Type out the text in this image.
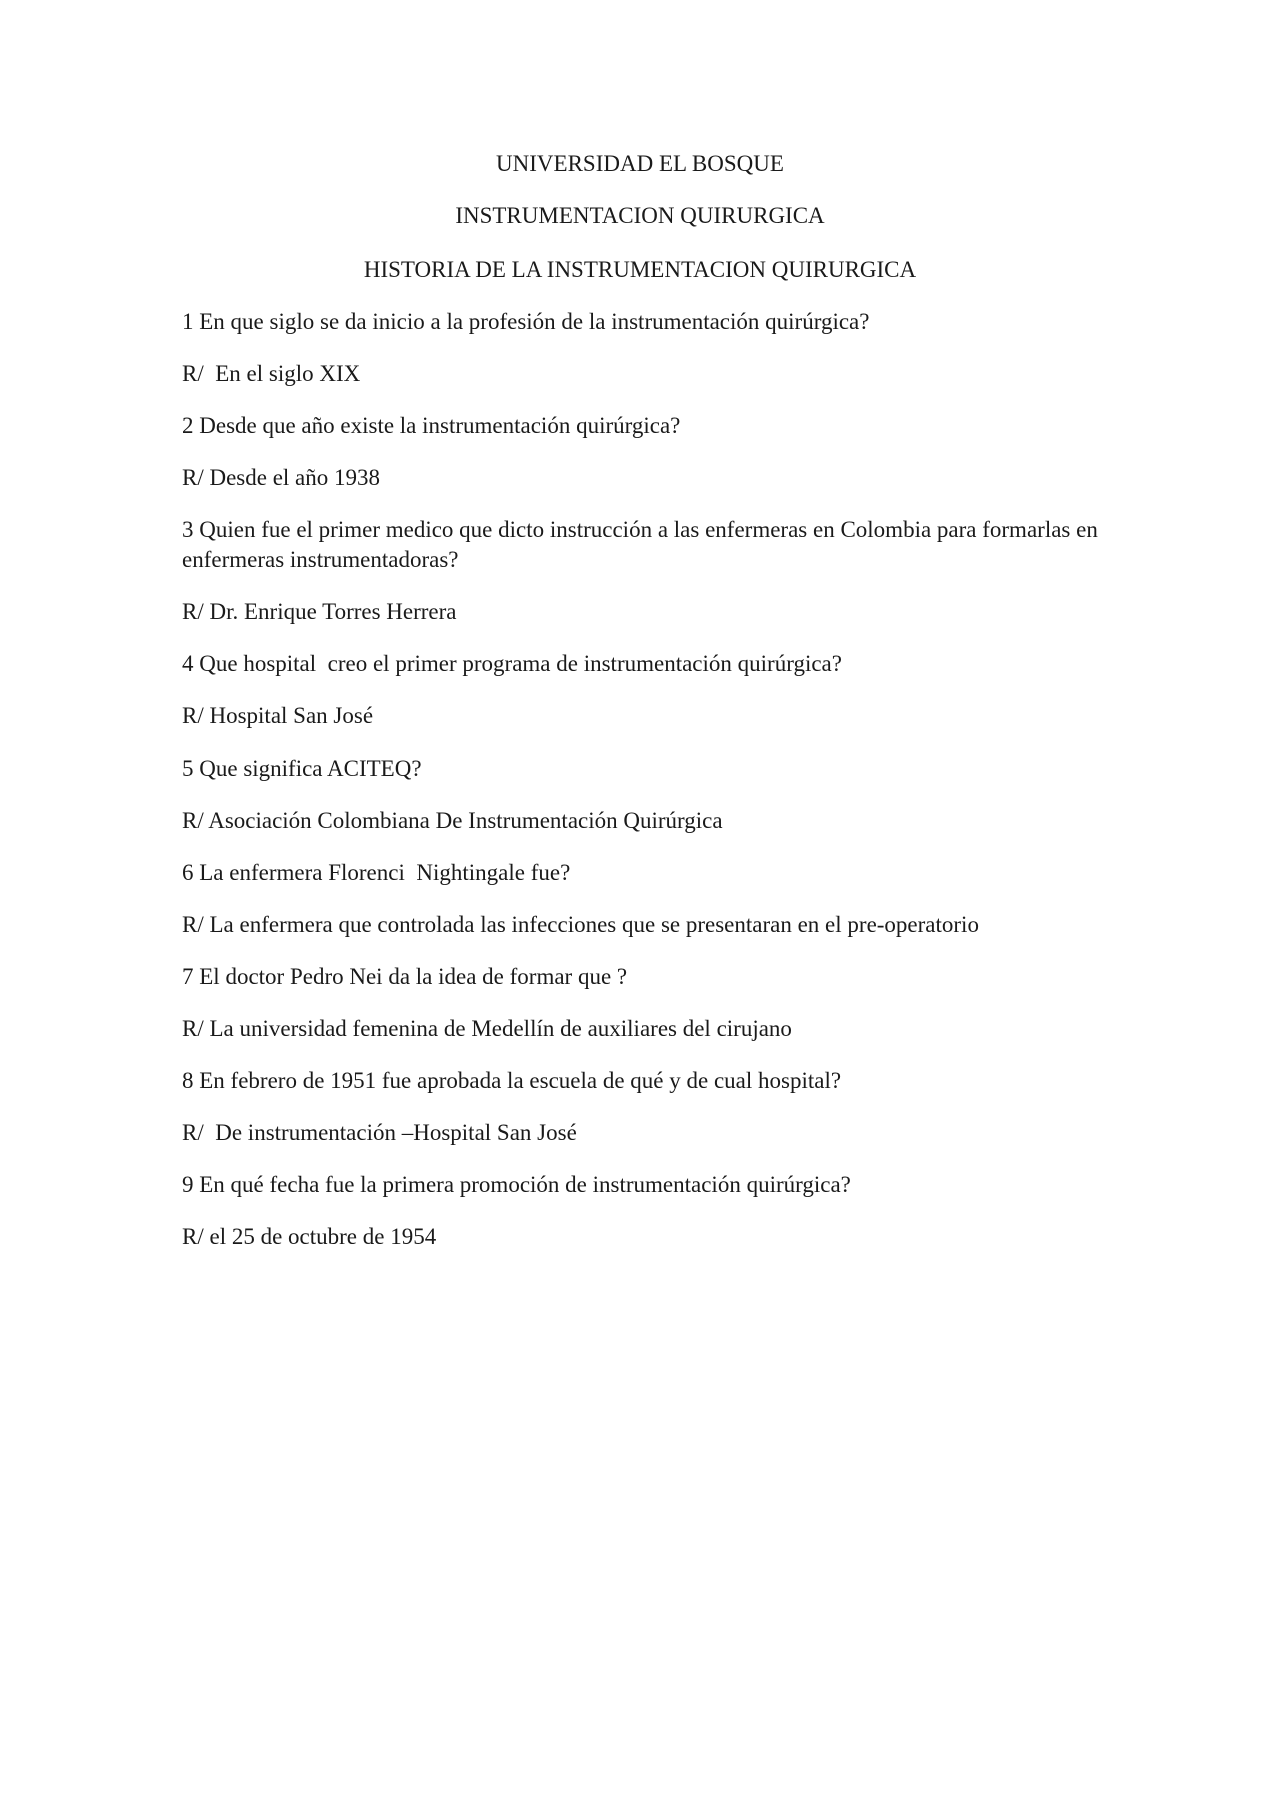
UNIVERSIDAD EL BOSQUE
INSTRUMENTACION QUIRURGICA
HISTORIA DE LA INSTRUMENTACION QUIRURGICA
1 En que siglo se da inicio a la profesión de la instrumentación quirúrgica?
R/  En el siglo XIX
2 Desde que año existe la instrumentación quirúrgica?
R/ Desde el año 1938
3 Quien fue el primer medico que dicto instrucción a las enfermeras en Colombia para formarlas en enfermeras instrumentadoras?
R/ Dr. Enrique Torres Herrera
4 Que hospital  creo el primer programa de instrumentación quirúrgica?
R/ Hospital San José
5 Que significa ACITEQ?
R/ Asociación Colombiana De Instrumentación Quirúrgica
6 La enfermera Florenci  Nightingale fue?
R/ La enfermera que controlada las infecciones que se presentaran en el pre-operatorio
7 El doctor Pedro Nei da la idea de formar que ?
R/ La universidad femenina de Medellín de auxiliares del cirujano
8 En febrero de 1951 fue aprobada la escuela de qué y de cual hospital?
R/  De instrumentación –Hospital San José
9 En qué fecha fue la primera promoción de instrumentación quirúrgica?
R/ el 25 de octubre de 1954
